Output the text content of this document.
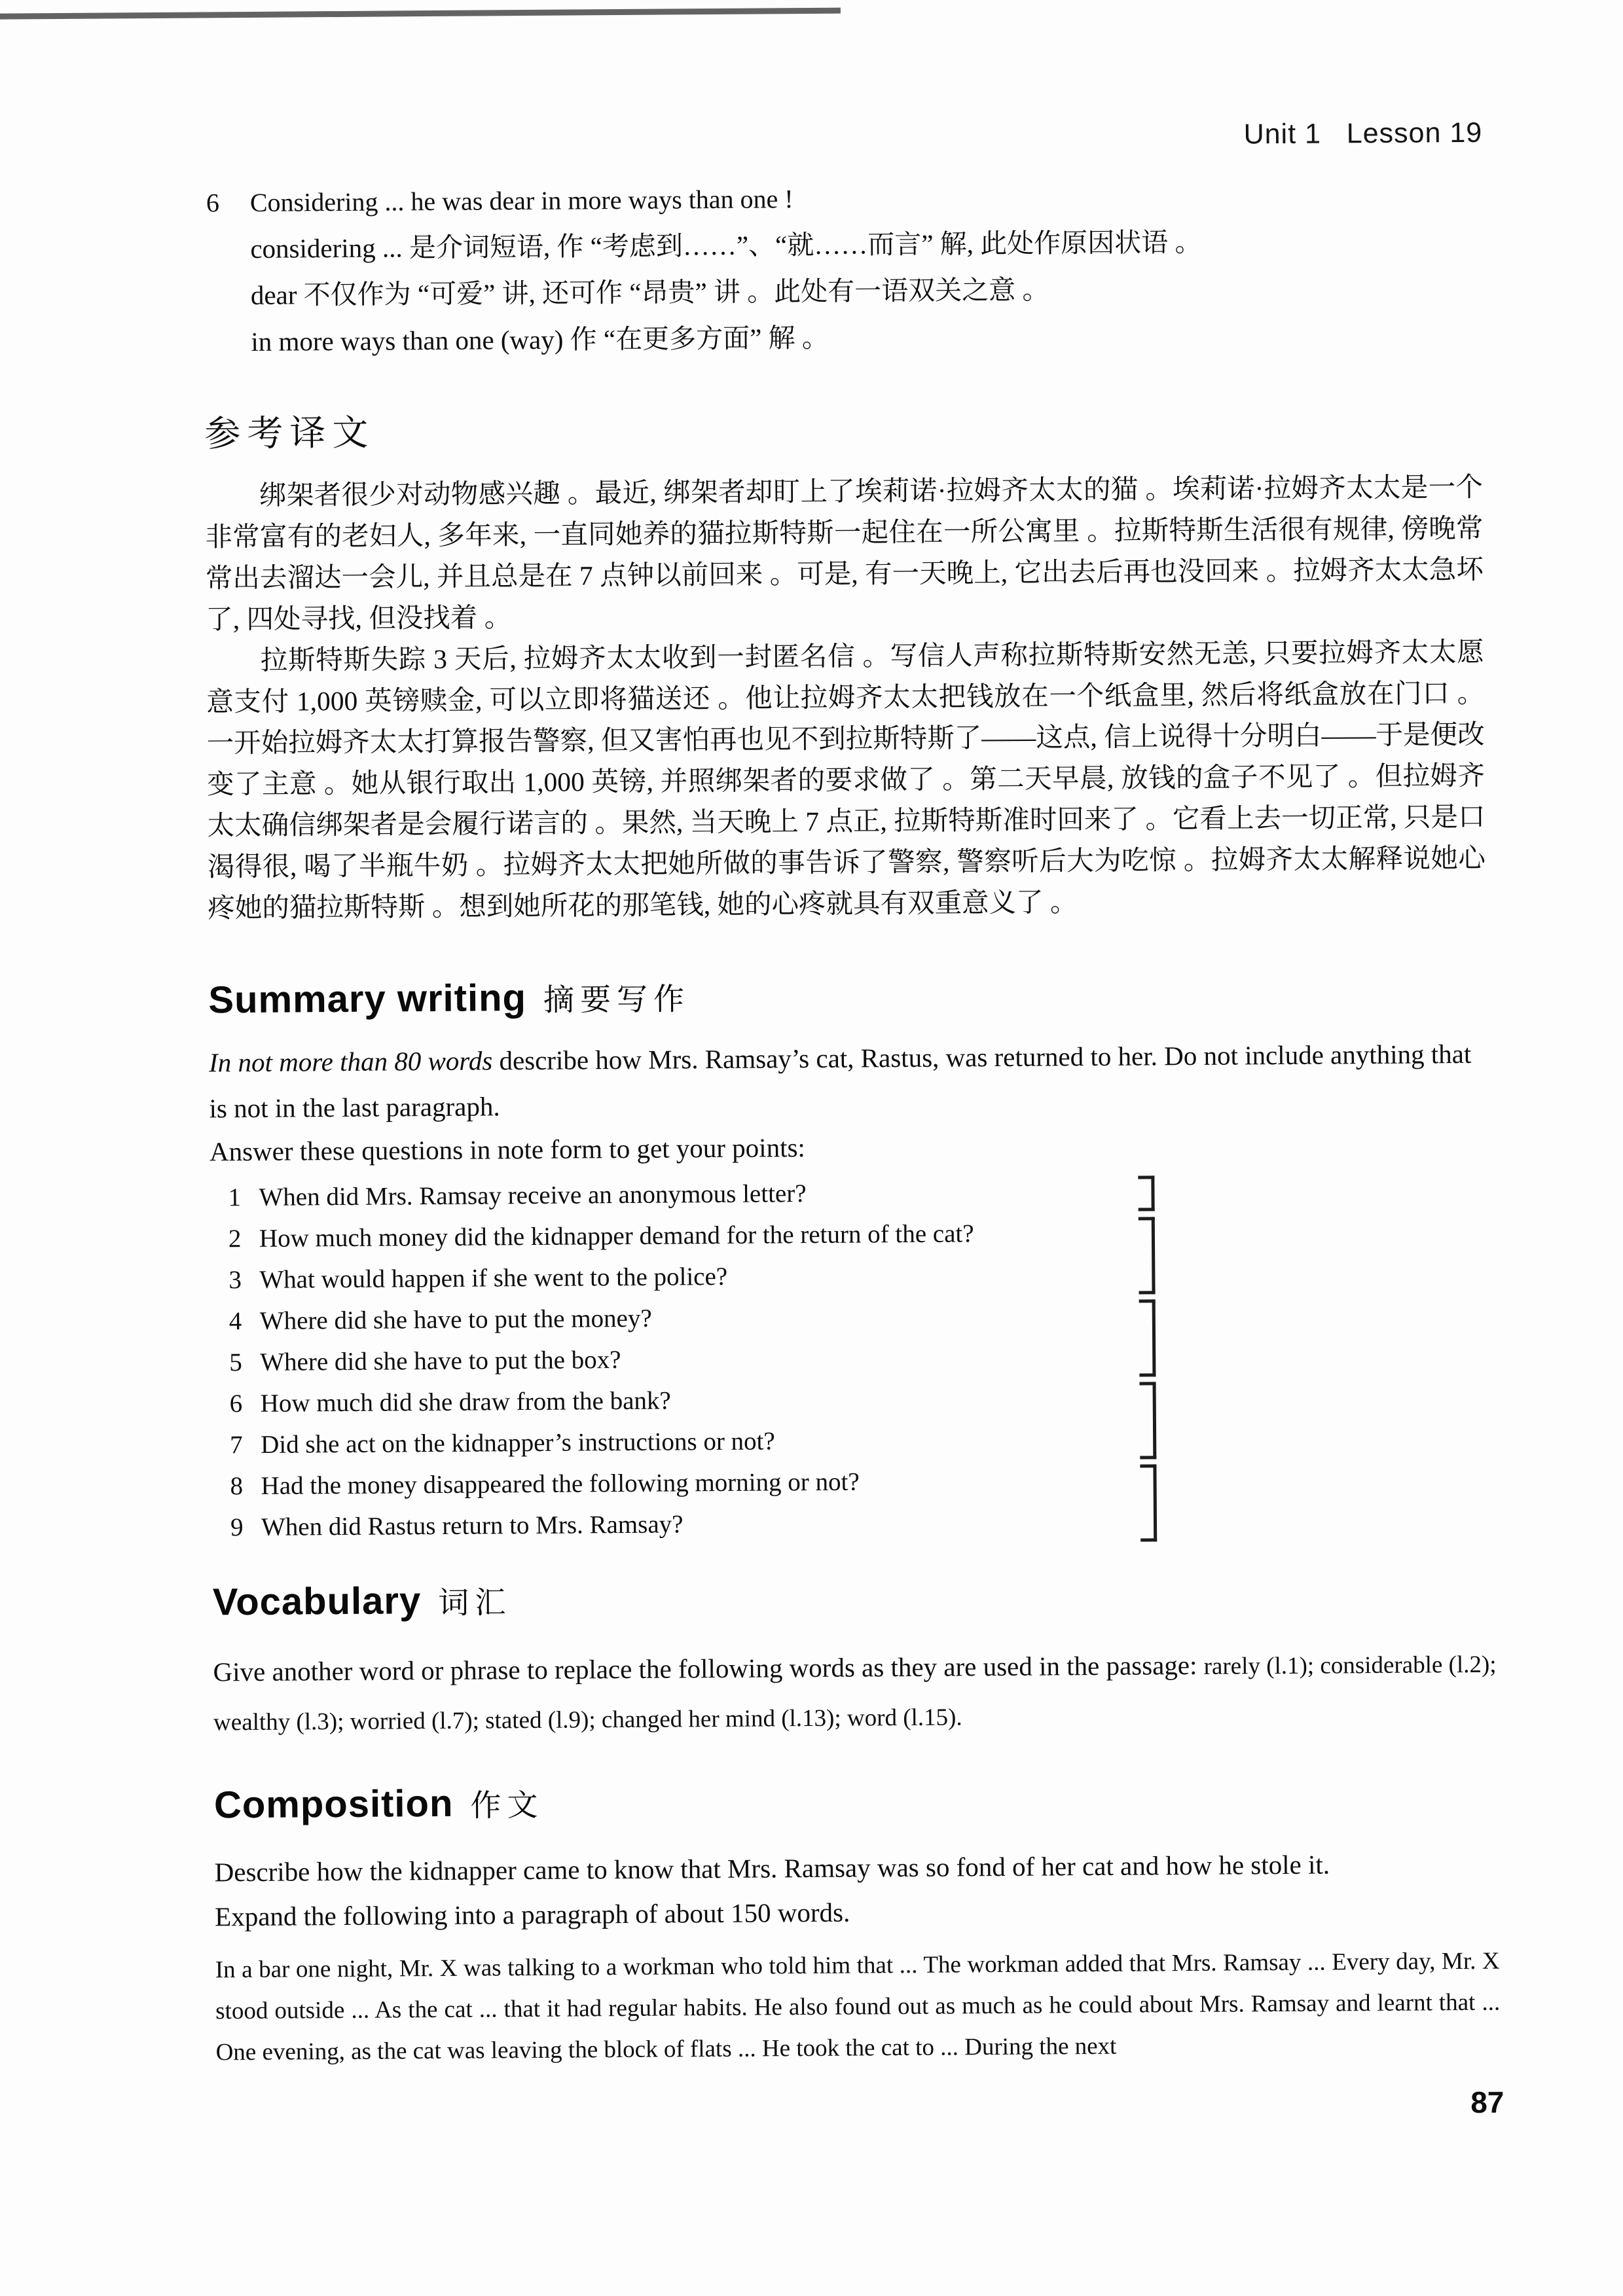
Unit 1   Lesson 19
6	Considering ... he was dear in more ways than one !
considering ... 是介词短语, 作 “考虑到……”、“就……而言” 解, 此处作原因状语 。
dear 不仅作为 “可爱” 讲, 还可作 “昂贵” 讲 。此处有一语双关之意 。
in more ways than one (way) 作 “在更多方面” 解 。
参考译文
绑架者很少对动物感兴趣 。最近, 绑架者却盯上了埃莉诺·拉姆齐太太的猫 。埃莉诺·拉姆齐太太是一个非常富有的老妇人, 多年来, 一直同她养的猫拉斯特斯一起住在一所公寓里 。拉斯特斯生活很有规律, 傍晚常常出去溜达一会儿, 并且总是在 7 点钟以前回来 。可是, 有一天晚上, 它出去后再也没回来 。拉姆齐太太急坏了, 四处寻找, 但没找着 。
拉斯特斯失踪 3 天后, 拉姆齐太太收到一封匿名信 。写信人声称拉斯特斯安然无恙, 只要拉姆齐太太愿意支付 1,000 英镑赎金, 可以立即将猫送还 。他让拉姆齐太太把钱放在一个纸盒里, 然后将纸盒放在门口 。一开始拉姆齐太太打算报告警察, 但又害怕再也见不到拉斯特斯了——这点, 信上说得十分明白——于是便改变了主意 。她从银行取出 1,000 英镑, 并照绑架者的要求做了 。第二天早晨, 放钱的盒子不见了 。但拉姆齐太太确信绑架者是会履行诺言的 。果然, 当天晚上 7 点正, 拉斯特斯准时回来了 。它看上去一切正常, 只是口渴得很, 喝了半瓶牛奶 。拉姆齐太太把她所做的事告诉了警察, 警察听后大为吃惊 。拉姆齐太太解释说她心疼她的猫拉斯特斯 。想到她所花的那笔钱, 她的心疼就具有双重意义了 。
Summary writing 摘要写作
In not more than 80 words describe how Mrs. Ramsay’s cat, Rastus, was returned to her. Do not include anything that is not in the last paragraph.
Answer these questions in note form to get your points:
1 When did Mrs. Ramsay receive an anonymous letter?
2 How much money did the kidnapper demand for the return of the cat?
3 What would happen if she went to the police?
4 Where did she have to put the money?
5 Where did she have to put the box?
6 How much did she draw from the bank?
7 Did she act on the kidnapper’s instructions or not?
8 Had the money disappeared the following morning or not?
9 When did Rastus return to Mrs. Ramsay?
Vocabulary 词汇
Give another word or phrase to replace the following words as they are used in the passage: rarely (l.1); considerable (l.2); wealthy (l.3); worried (l.7); stated (l.9); changed her mind (l.13); word (l.15).
Composition 作文
Describe how the kidnapper came to know that Mrs. Ramsay was so fond of her cat and how he stole it.
Expand the following into a paragraph of about 150 words.
In a bar one night, Mr. X was talking to a workman who told him that ... The workman added that Mrs. Ramsay ... Every day, Mr. X stood outside ... As the cat ... that it had regular habits. He also found out as much as he could about Mrs. Ramsay and learnt that ... One evening, as the cat was leaving the block of flats ... He took the cat to ... During the next
87
